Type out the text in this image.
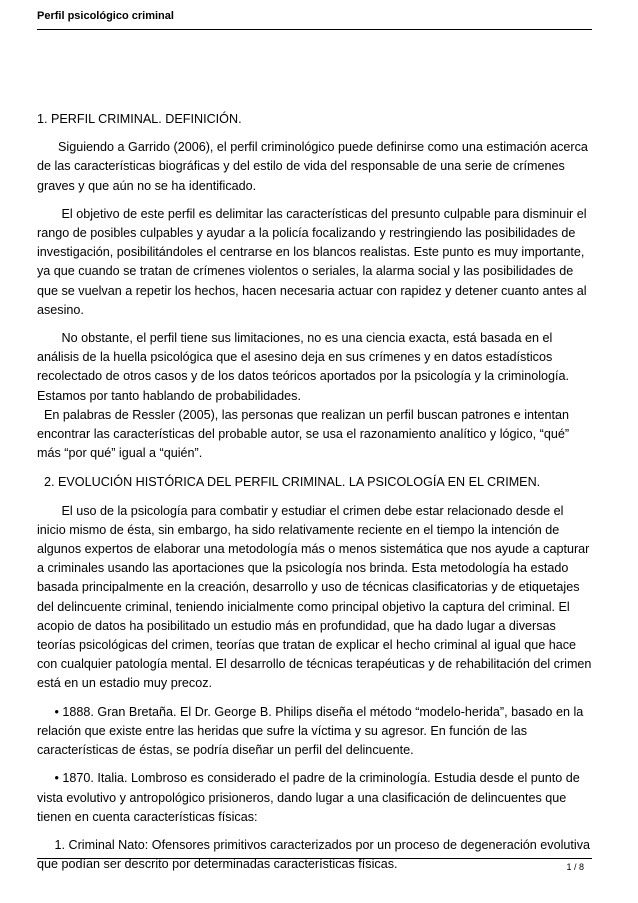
Perfil psicológico criminal

1. PERFIL CRIMINAL. DEFINICIÓN.

Siguiendo a Garrido (2006), el perfil criminológico puede definirse como una estimación acerca de las características biográficas y del estilo de vida del responsable de una serie de crímenes graves y que aún no se ha identificado.

El objetivo de este perfil es delimitar las características del presunto culpable para disminuir el rango de posibles culpables y ayudar a la policía focalizando y restringiendo las posibilidades de investigación, posibilitándoles el centrarse en los blancos realistas. Este punto es muy importante, ya que cuando se tratan de crímenes violentos o seriales, la alarma social y las posibilidades de que se vuelvan a repetir los hechos, hacen necesaria actuar con rapidez y detener cuanto antes al asesino.

No obstante, el perfil tiene sus limitaciones, no es una ciencia exacta, está basada en el análisis de la huella psicológica que el asesino deja en sus crímenes y en datos estadísticos recolectado de otros casos y de los datos teóricos aportados por la psicología y la criminología. Estamos por tanto hablando de probabilidades.

En palabras de Ressler (2005), las personas que realizan un perfil buscan patrones e intentan encontrar las características del probable autor, se usa el razonamiento analítico y lógico, “qué” más “por qué” igual a “quién”.

2. EVOLUCIÓN HISTÓRICA DEL PERFIL CRIMINAL. LA PSICOLOGÍA EN EL CRIMEN.

El uso de la psicología para combatir y estudiar el crimen debe estar relacionado desde el inicio mismo de ésta, sin embargo, ha sido relativamente reciente en el tiempo la intención de algunos expertos de elaborar una metodología más o menos sistemática que nos ayude a capturar a criminales usando las aportaciones que la psicología nos brinda. Esta metodología ha estado basada principalmente en la creación, desarrollo y uso de técnicas clasificatorias y de etiquetajes del delincuente criminal, teniendo inicialmente como principal objetivo la captura del criminal. El acopio de datos ha posibilitado un estudio más en profundidad, que ha dado lugar a diversas teorías psicológicas del crimen, teorías que tratan de explicar el hecho criminal al igual que hace con cualquier patología mental. El desarrollo de técnicas terapéuticas y de rehabilitación del crimen está en un estadio muy precoz.

• 1888. Gran Bretaña. El Dr. George B. Philips diseña el método “modelo-herida”, basado en la relación que existe entre las heridas que sufre la víctima y su agresor. En función de las características de éstas, se podría diseñar un perfil del delincuente.

• 1870. Italia. Lombroso es considerado el padre de la criminología. Estudia desde el punto de vista evolutivo y antropológico prisioneros, dando lugar a una clasificación de delincuentes que tienen en cuenta características físicas:

1. Criminal Nato: Ofensores primitivos caracterizados por un proceso de degeneración evolutiva que podían ser descrito por determinadas características físicas.	1 / 8
